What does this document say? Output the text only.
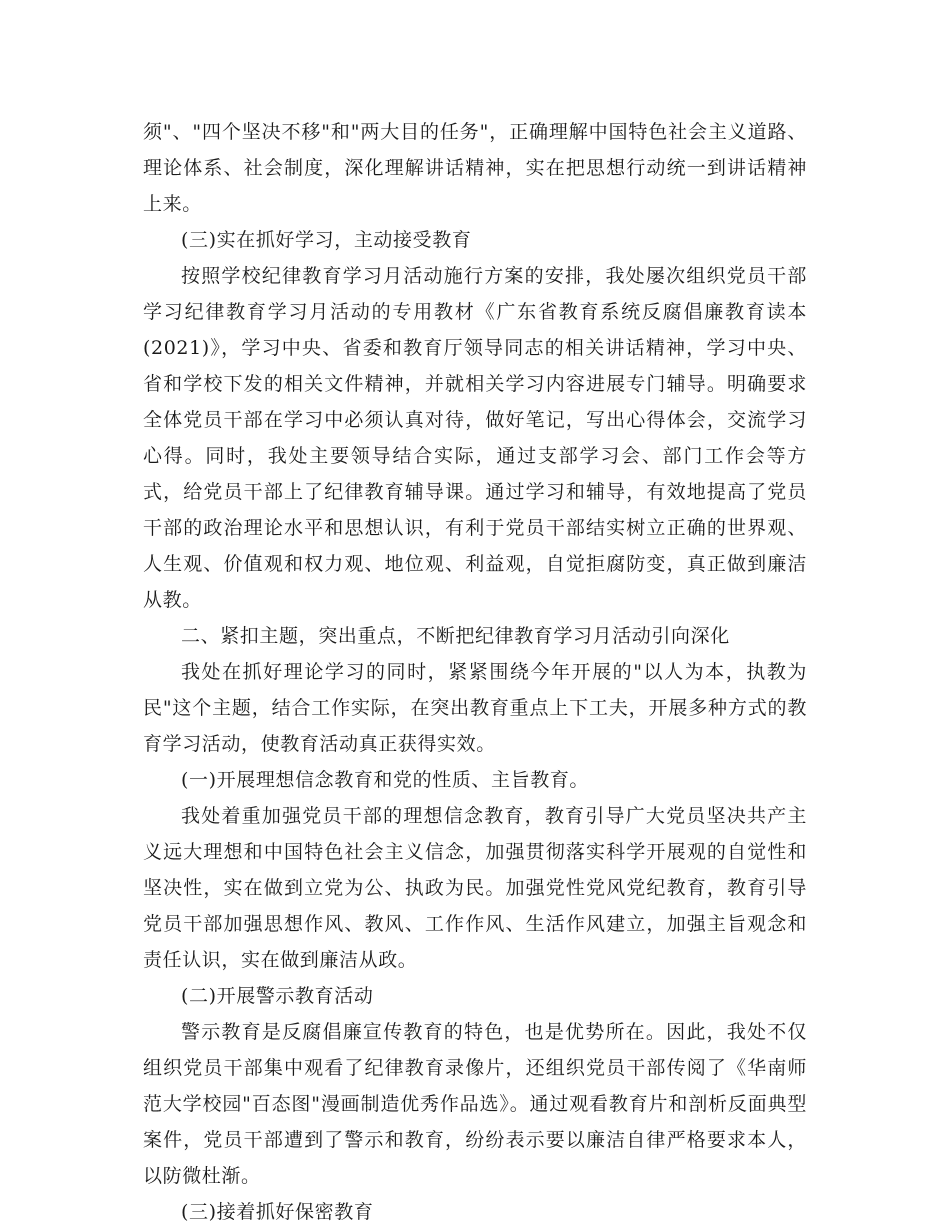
须"、"四个坚决不移"和"两大目的任务"，正确理解中国特色社会主义道路、理论体系、社会制度，深化理解讲话精神，实在把思想行动统一到讲话精神上来。

(三)实在抓好学习，主动接受教育

按照学校纪律教育学习月活动施行方案的安排，我处屡次组织党员干部学习纪律教育学习月活动的专用教材《广东省教育系统反腐倡廉教育读本(2021)》，学习中央、省委和教育厅领导同志的相关讲话精神，学习中央、省和学校下发的相关文件精神，并就相关学习内容进展专门辅导。明确要求全体党员干部在学习中必须认真对待，做好笔记，写出心得体会，交流学习心得。同时，我处主要领导结合实际，通过支部学习会、部门工作会等方式，给党员干部上了纪律教育辅导课。通过学习和辅导，有效地提高了党员干部的政治理论水平和思想认识，有利于党员干部结实树立正确的世界观、人生观、价值观和权力观、地位观、利益观，自觉拒腐防变，真正做到廉洁从教。

二、紧扣主题，突出重点，不断把纪律教育学习月活动引向深化

我处在抓好理论学习的同时，紧紧围绕今年开展的"以人为本，执教为民"这个主题，结合工作实际，在突出教育重点上下工夫，开展多种方式的教育学习活动，使教育活动真正获得实效。

(一)开展理想信念教育和党的性质、主旨教育。

我处着重加强党员干部的理想信念教育，教育引导广大党员坚决共产主义远大理想和中国特色社会主义信念，加强贯彻落实科学开展观的自觉性和坚决性，实在做到立党为公、执政为民。加强党性党风党纪教育，教育引导党员干部加强思想作风、教风、工作作风、生活作风建立，加强主旨观念和责任认识，实在做到廉洁从政。

(二)开展警示教育活动

警示教育是反腐倡廉宣传教育的特色，也是优势所在。因此，我处不仅组织党员干部集中观看了纪律教育录像片，还组织党员干部传阅了《华南师范大学校园"百态图"漫画制造优秀作品选》。通过观看教育片和剖析反面典型案件，党员干部遭到了警示和教育，纷纷表示要以廉洁自律严格要求本人，以防微杜渐。

(三)接着抓好保密教育
